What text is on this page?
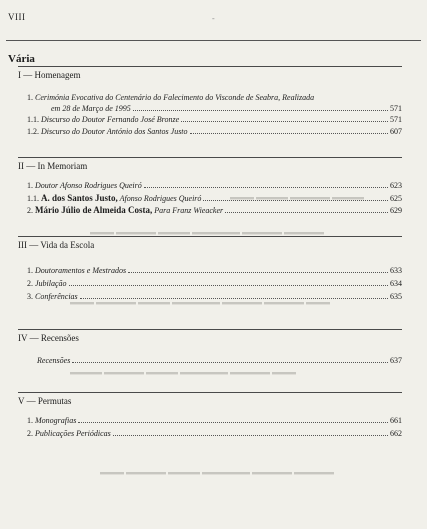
VIII	-
Vária
▬▬▬ ▬▬▬▬ ▬▬▬▬▬ ▬▬▬▬
▬▬▬ ▬▬▬▬▬ ▬▬▬▬ ▬▬▬▬▬▬ ▬▬▬▬▬ ▬▬▬▬▬
▬▬▬ ▬▬▬▬▬ ▬▬▬▬ ▬▬▬▬▬▬ ▬▬▬▬▬ ▬▬▬▬▬ ▬▬▬
▬▬▬▬ ▬▬▬▬▬ ▬▬▬▬ ▬▬▬▬▬▬ ▬▬▬▬▬ ▬▬▬
▬▬▬ ▬▬▬▬▬ ▬▬▬▬ ▬▬▬▬▬▬ ▬▬▬▬▬ ▬▬▬▬▬
I — Homenagem
1. Cerimónia Evocativa do Centenário do Falecimento do Visconde de Seabra, Realizada
em 28 de Março de 1995	571
1.1. Discurso do Doutor Fernando José Bronze	571
1.2. Discurso do Doutor António dos Santos Justo	607
II — In Memoriam
1. Doutor Afonso Rodrigues Queiró	623
1.1. A. dos Santos Justo, Afonso Rodrigues Queiró	625
2. Mário Júlio de Almeida Costa, Para Franz Wieacker	629
III — Vida da Escola
1. Doutoramentos e Mestrados	633
2. Jubilação	634
3. Conferências	635
IV — Recensões
Recensões	637
V — Permutas
1. Monografias	661
2. Publicações Periódicas	662
